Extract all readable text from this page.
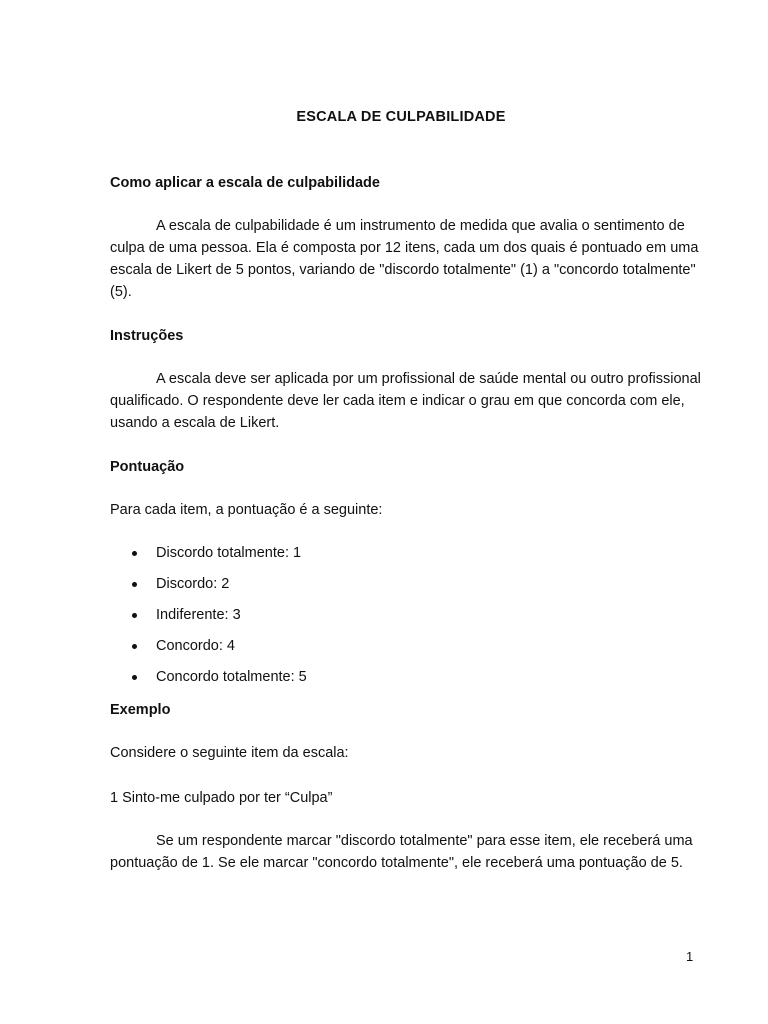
ESCALA DE CULPABILIDADE
Como aplicar a escala de culpabilidade

A escala de culpabilidade é um instrumento de medida que avalia o sentimento de culpa de uma pessoa. Ela é composta por 12 itens, cada um dos quais é pontuado em uma escala de Likert de 5 pontos, variando de "discordo totalmente" (1) a "concordo totalmente" (5).

Instruções

A escala deve ser aplicada por um profissional de saúde mental ou outro profissional qualificado. O respondente deve ler cada item e indicar o grau em que concorda com ele, usando a escala de Likert.

Pontuação

Para cada item, a pontuação é a seguinte:

Discordo totalmente: 1
Discordo: 2
Indiferente: 3
Concordo: 4
Concordo totalmente: 5
Exemplo

Considere o seguinte item da escala:

1 Sinto-me culpado por ter “Culpa”

Se um respondente marcar "discordo totalmente" para esse item, ele receberá uma pontuação de 1. Se ele marcar "concordo totalmente", ele receberá uma pontuação de 5.

1
